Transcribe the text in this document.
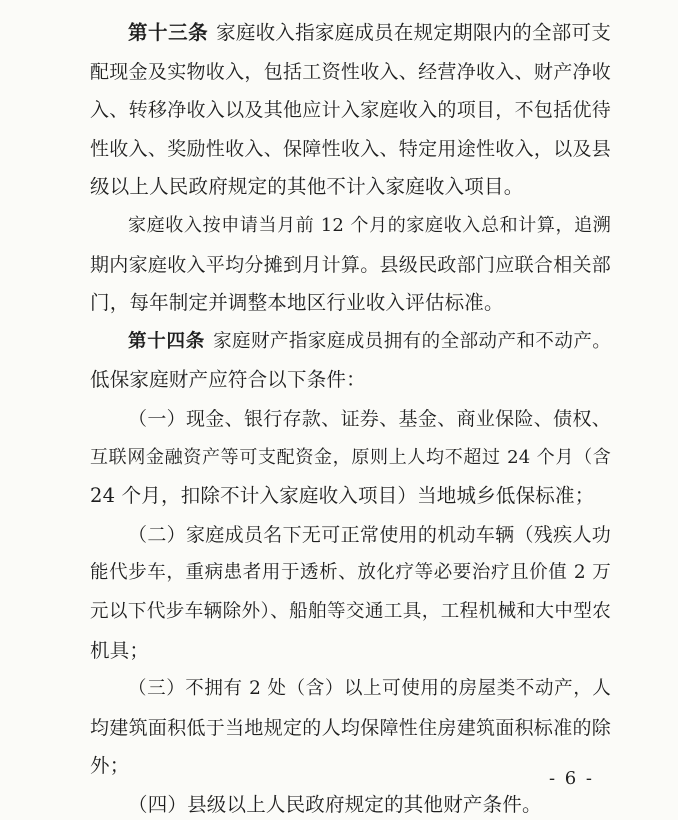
第十三条 家庭收入指家庭成员在规定期限内的全部可支
配现金及实物收入，包括工资性收入、经营净收入、财产净收
入、转移净收入以及其他应计入家庭收入的项目，不包括优待
性收入、奖励性收入、保障性收入、特定用途性收入，以及县
级以上人民政府规定的其他不计入家庭收入项目。
家庭收入按申请当月前 12 个月的家庭收入总和计算，追溯
期内家庭收入平均分摊到月计算。县级民政部门应联合相关部
门，每年制定并调整本地区行业收入评估标准。
第十四条 家庭财产指家庭成员拥有的全部动产和不动产。
低保家庭财产应符合以下条件：
（一）现金、银行存款、证券、基金、商业保险、债权、
互联网金融资产等可支配资金，原则上人均不超过 24 个月（含
24 个月，扣除不计入家庭收入项目）当地城乡低保标准；
（二）家庭成员名下无可正常使用的机动车辆（残疾人功
能代步车，重病患者用于透析、放化疗等必要治疗且价值 2 万
元以下代步车辆除外）、船舶等交通工具，工程机械和大中型农
机具；
（三）不拥有 2 处（含）以上可使用的房屋类不动产，人
均建筑面积低于当地规定的人均保障性住房建筑面积标准的除
外；
（四）县级以上人民政府规定的其他财产条件。
- 6 -
